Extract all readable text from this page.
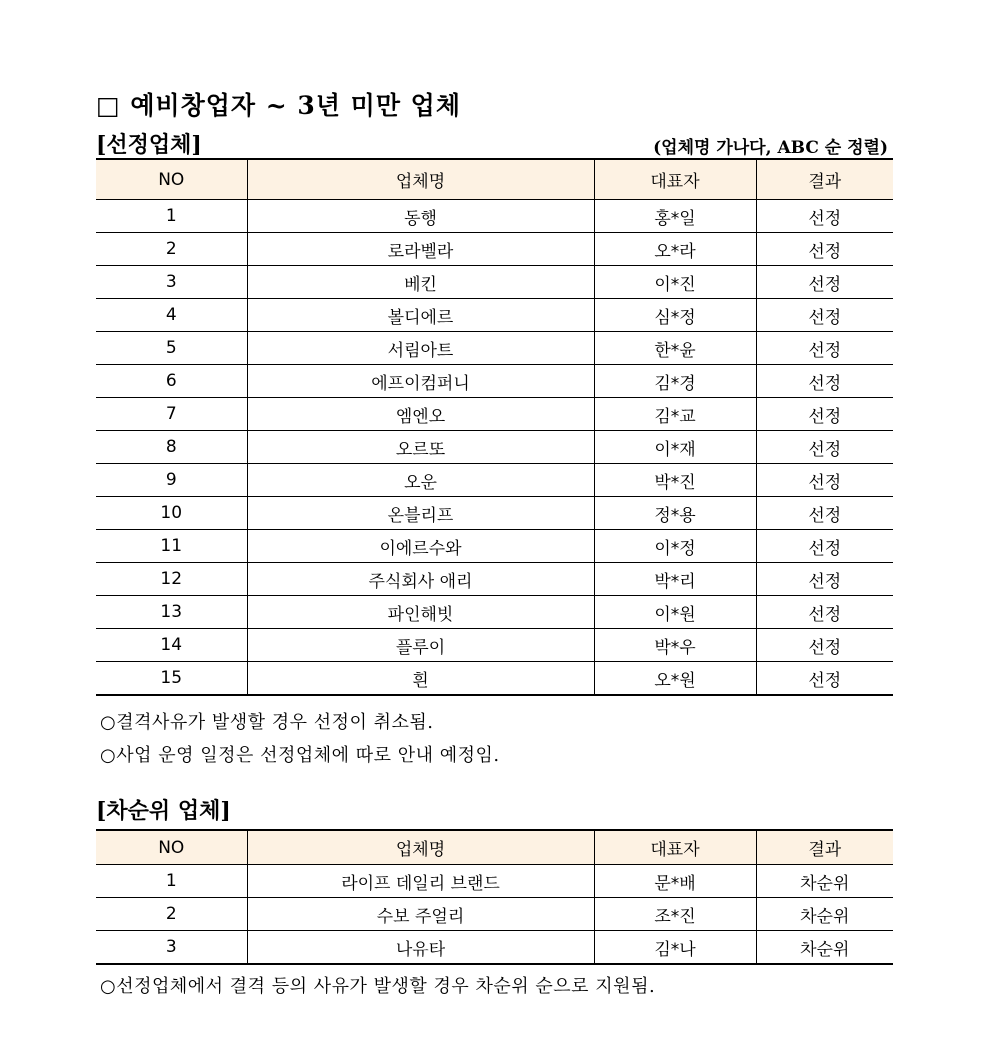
□ 예비창업자 ~ 3년 미만 업체
[선정업체]	(업체명 가나다, ABC 순 정렬)
NO	업체명	대표자	결과
1	동행	홍*일	선정
2	로라벨라	오*라	선정
3	베킨	이*진	선정
4	볼디에르	심*정	선정
5	서림아트	한*윤	선정
6	에프이컴퍼니	김*경	선정
7	엠엔오	김*교	선정
8	오르또	이*재	선정
9	오운	박*진	선정
10	온블리프	정*용	선정
11	이에르수와	이*정	선정
12	주식회사 애리	박*리	선정
13	파인해빗	이*원	선정
14	플루이	박*우	선정
15	흰	오*원	선정
○결격사유가 발생할 경우 선정이 취소됨.
○사업 운영 일정은 선정업체에 따로 안내 예정임.
[차순위 업체]
NO	업체명	대표자	결과
1	라이프 데일리 브랜드	문*배	차순위
2	수보 주얼리	조*진	차순위
3	나유타	김*나	차순위
○선정업체에서 결격 등의 사유가 발생할 경우 차순위 순으로 지원됨.
